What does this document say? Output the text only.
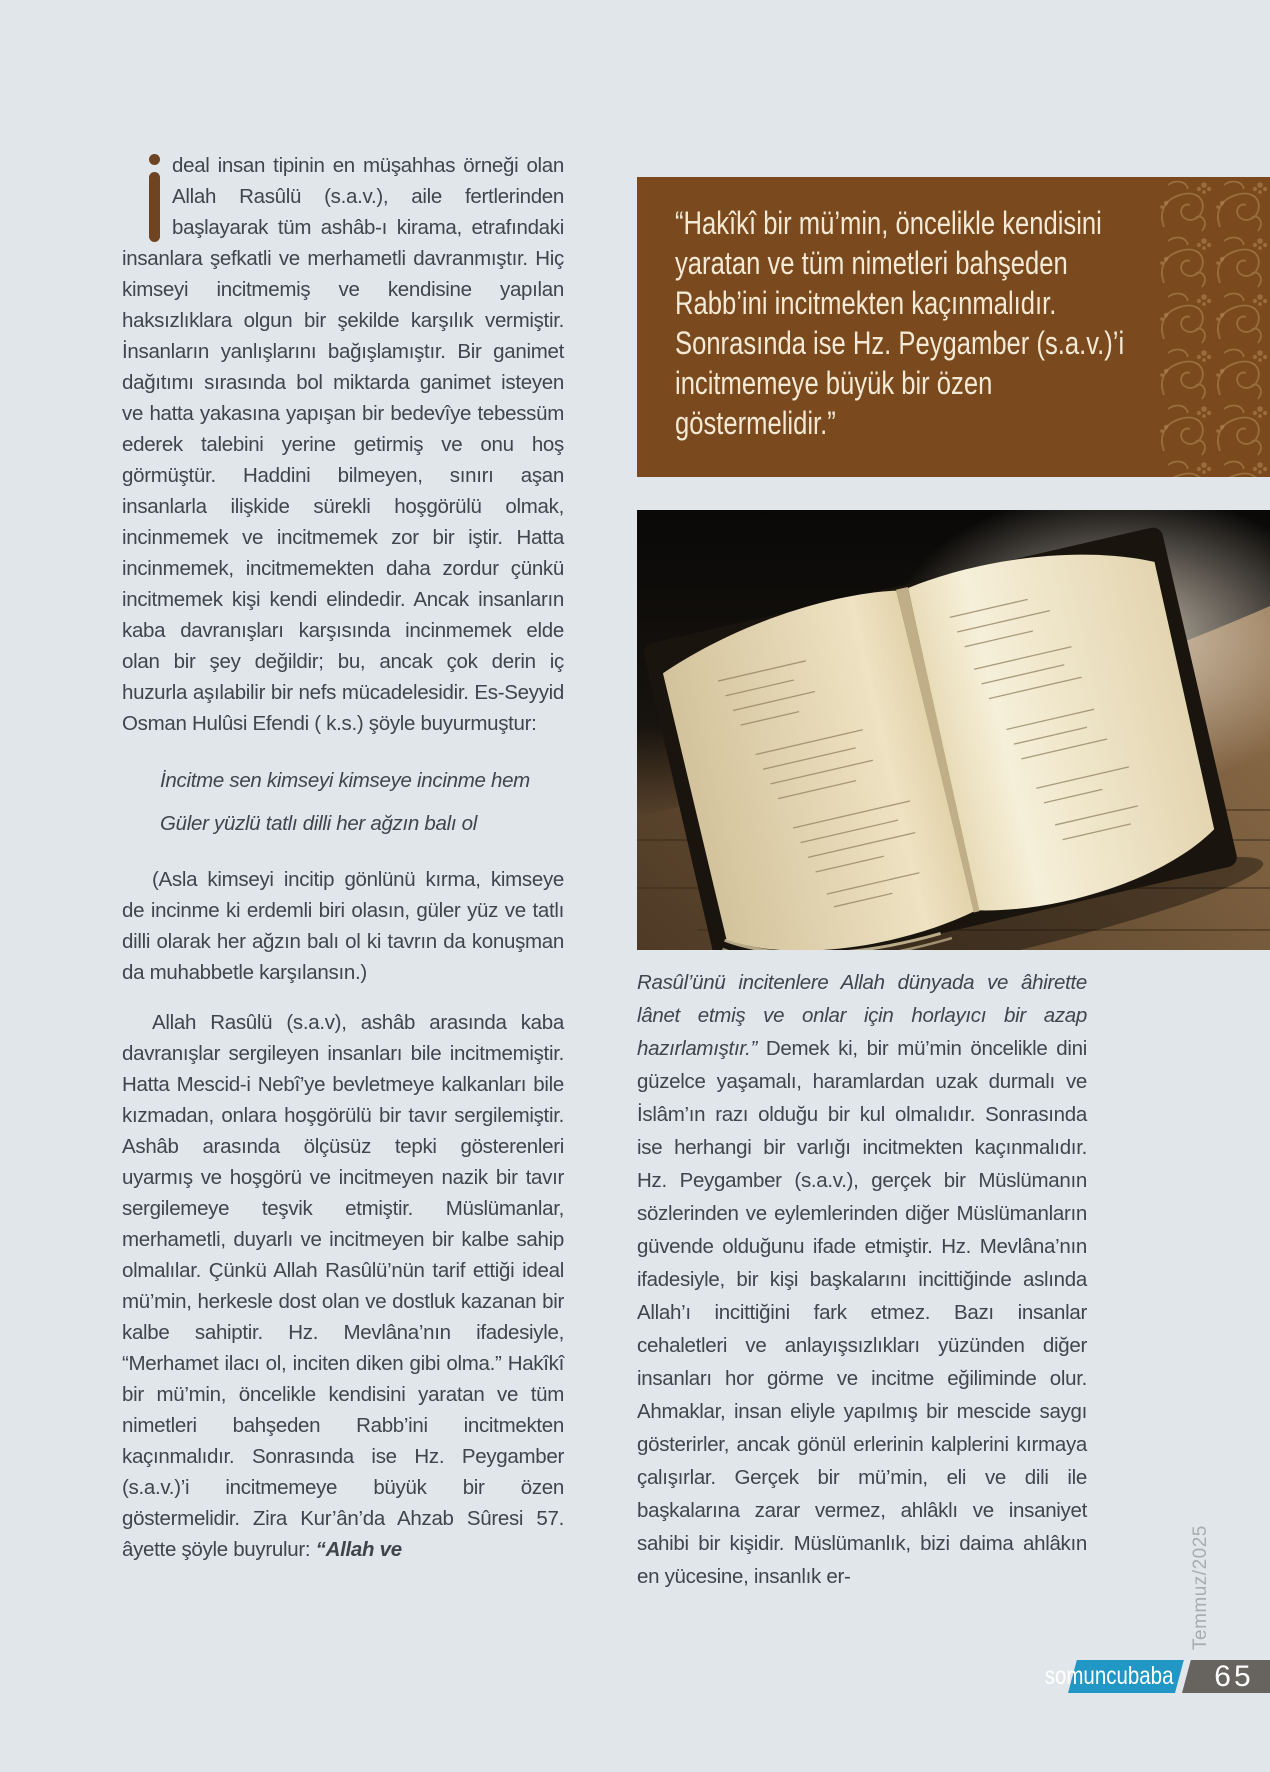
deal insan tipinin en müşahhas örneği olan Allah Rasûlü (s.a.v.), aile fertlerinden başlayarak tüm ashâb-ı kirama, etrafındaki insanlara şefkatli ve merhametli davranmıştır. Hiç kimseyi incitmemiş ve kendisine yapılan haksızlıklara olgun bir şekilde karşılık vermiştir. İnsanların yanlışlarını bağışlamıştır. Bir ganimet dağıtımı sırasında bol miktarda ganimet isteyen ve hatta yakasına yapışan bir bedevîye tebessüm ederek talebini yerine getirmiş ve onu hoş görmüştür. Haddini bilmeyen, sınırı aşan insanlarla ilişkide sürekli hoşgörülü olmak, incinmemek ve incitmemek zor bir iştir. Hatta incinmemek, incitmemekten daha zordur çünkü incitmemek kişi kendi elindedir. Ancak insanların kaba davranışları karşısında incinmemek elde olan bir şey değildir; bu, ancak çok derin iç huzurla aşılabilir bir nefs mücadelesidir. Es-Seyyid Osman Hulûsi Efendi ( k.s.) şöyle buyurmuştur:

İncitme sen kimseyi kimseye incinme hem
Güler yüzlü tatlı dilli her ağzın balı ol

(Asla kimseyi incitip gönlünü kırma, kimseye de incinme ki erdemli biri olasın, güler yüz ve tatlı dilli olarak her ağzın balı ol ki tavrın da konuşman da muhabbetle karşılansın.)

Allah Rasûlü (s.a.v), ashâb arasında kaba davranışlar sergileyen insanları bile incitmemiştir. Hatta Mescid-i Nebî’ye bevletmeye kalkanları bile kızmadan, onlara hoşgörülü bir tavır sergilemiştir. Ashâb arasında ölçüsüz tepki gösterenleri uyarmış ve hoşgörü ve incitmeyen nazik bir tavır sergilemeye teşvik etmiştir. Müslümanlar, merhametli, duyarlı ve incitmeyen bir kalbe sahip olmalılar. Çünkü Allah Rasûlü’nün tarif ettiği ideal mü’min, herkesle dost olan ve dostluk kazanan bir kalbe sahiptir. Hz. Mevlâna’nın ifadesiyle, “Merhamet ilacı ol, inciten diken gibi olma.” Hakîkî bir mü’min, öncelikle kendisini yaratan ve tüm nimetleri bahşeden Rabb’ini incitmekten kaçınmalıdır. Sonrasında ise Hz. Peygamber (s.a.v.)’i incitmemeye büyük bir özen göstermelidir. Zira Kur’ân’da Ahzab Sûresi 57. âyette şöyle buyrulur: “Allah ve

“Hakîkî bir mü’min, öncelikle kendisini yaratan ve tüm nimetleri bahşeden Rabb’ini incitmekten kaçınmalıdır. Sonrasında ise Hz. Peygamber (s.a.v.)’i incitmemeye büyük bir özen göstermelidir.”

Rasûl’ünü incitenlere Allah dünyada ve âhirette lânet etmiş ve onlar için horlayıcı bir azap hazırlamıştır.” Demek ki, bir mü’min öncelikle dini güzelce yaşamalı, haramlardan uzak durmalı ve İslâm’ın razı olduğu bir kul olmalıdır. Sonrasında ise herhangi bir varlığı incitmekten kaçınmalıdır. Hz. Peygamber (s.a.v.), gerçek bir Müslümanın sözlerinden ve eylemlerinden diğer Müslümanların güvende olduğunu ifade etmiştir. Hz. Mevlâna’nın ifadesiyle, bir kişi başkalarını incittiğinde aslında Allah’ı incittiğini fark etmez. Bazı insanlar cehaletleri ve anlayışsızlıkları yüzünden diğer insanları hor görme ve incitme eğiliminde olur. Ahmaklar, insan eliyle yapılmış bir mescide saygı gösterirler, ancak gönül erlerinin kalplerini kırmaya çalışırlar. Gerçek bir mü’min, eli ve dili ile başkalarına zarar vermez, ahlâklı ve insaniyet sahibi bir kişidir. Müslümanlık, bizi daima ahlâkın en yücesine, insanlık er-	Temmuz/2025
somuncubaba 65
